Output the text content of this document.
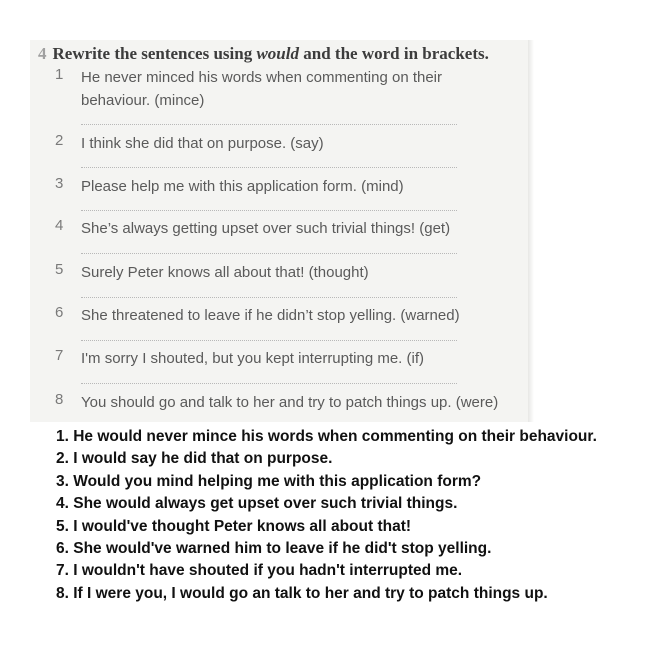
4 Rewrite the sentences using would and the word in brackets.
1	He never minced his words when commenting on their behaviour. (mince)
2	I think she did that on purpose. (say)
3	Please help me with this application form. (mind)
4	She’s always getting upset over such trivial things! (get)
5	Surely Peter knows all about that! (thought)
6	She threatened to leave if he didn’t stop yelling. (warned)
7	I'm sorry I shouted, but you kept interrupting me. (if)
8	You should go and talk to her and try to patch things up. (were)
1. He would never mince his words when commenting on their behaviour.
2. I would say he did that on purpose.
3. Would you mind helping me with this application form?
4. She would always get upset over such trivial things.
5. I would've thought Peter knows all about that!
6. She would've warned him to leave if he did't stop yelling.
7. I wouldn't have shouted if you hadn't interrupted me.
8. If I were you, I would go an talk to her and try to patch things up.
